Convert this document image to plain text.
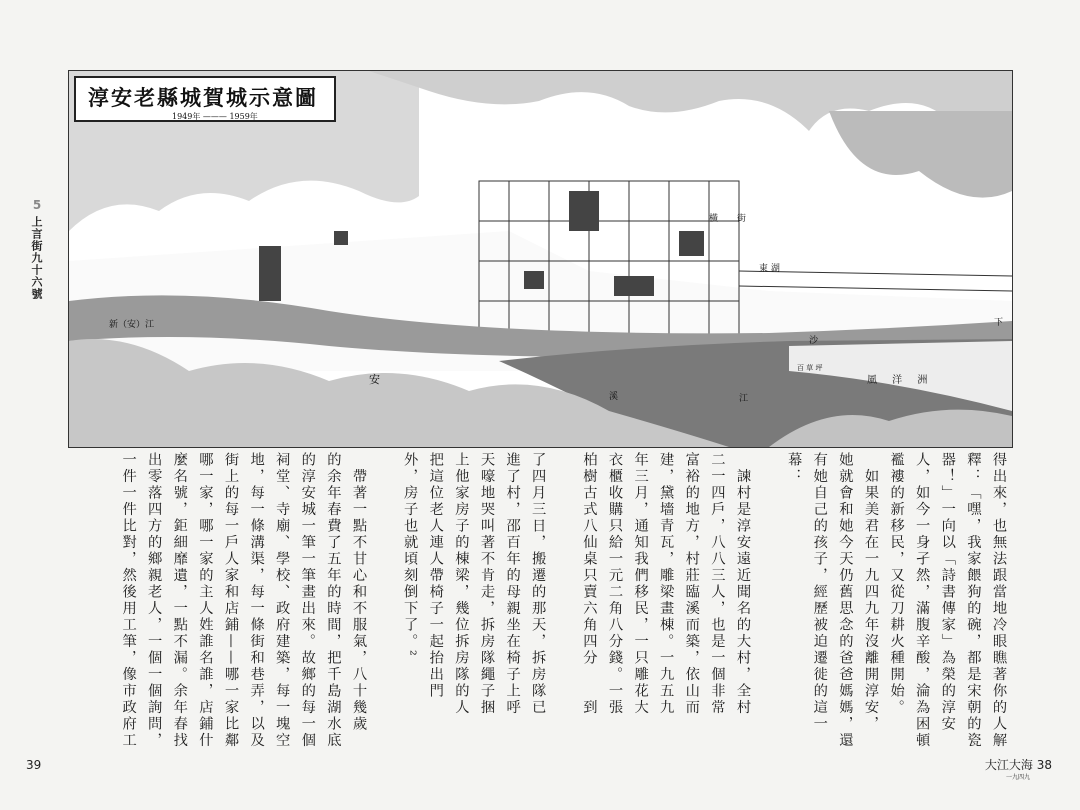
5
上言街九十六號
淳安老縣城賀城示意圖
1949年 ——— 1959年
新（安）江
安
溪	江
風 洋 洲
下
百 草 坪
東 湖
橫 街
沙
得出來，也無法跟當地冷眼瞧著你的人解
釋：「嘿，我家餵狗的碗，都是宋朝的瓷
器！」一向以「詩書傳家」為榮的淳安
人，如今一身孑然，滿腹辛酸，淪為困頓
襤褸的新移民，又從刀耕火種開始。
　如果美君在一九四九年沒離開淳安，
她就會和她今天仍舊思念的爸爸媽媽，還
有她自己的孩子，經歷被迫遷徙的這一
幕：

　諫村是淳安遠近聞名的大村，全村
二一四戶，八八三人，也是一個非常
富裕的地方，村莊臨溪而築，依山而
建，黛墻青瓦，雕梁畫棟。一九五九
年三月，通知我們移民，一只雕花大
衣櫃收購只給一元二角八分錢。一張
柏樹古式八仙桌只賣六角四分　　到

了四月三日，搬遷的那天，拆房隊已
進了村，邵百年的母親坐在椅子上呼
天嚎地哭叫著不肯走，拆房隊繩子捆
上他家房子的棟梁，幾位拆房隊的人
把這位老人連人帶椅子一起抬出門
外，房子也就頃刻倒下了。²

　帶著一點不甘心和不服氣，八十幾歲
的余年春費了五年的時間，把千島湖水底
的淳安城一筆一筆畫出來。故鄉的每一個
祠堂、寺廟、學校、政府建築，每一塊空
地，每一條溝渠，每一條街和巷弄，以及
街上的每一戶人家和店鋪——哪一家比鄰
哪一家，哪一家的主人姓誰名誰，店鋪什
麼名號，鉅細靡遺，一點不漏。余年春找
出零落四方的鄉親老人，一個一個詢問，
一件一件比對，然後用工筆，像市政府工
39	大江大海 38
一九四九
